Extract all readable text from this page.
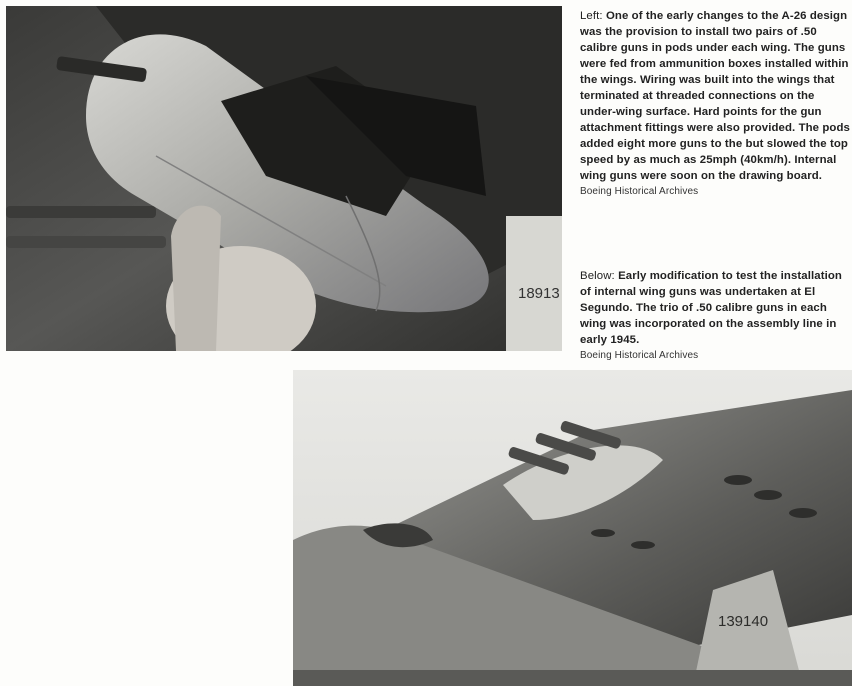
18913
Left: One of the early changes to the A-26 design was the provision to install two pairs of .50 calibre guns in pods under each wing. The guns were fed from ammunition boxes installed within the wings. Wiring was built into the wings that terminated at threaded connections on the under-wing surface. Hard points for the gun attachment fittings were also provided. The pods added eight more guns to the but slowed the top speed by as much as 25mph (40km/h). Internal wing guns were soon on the drawing board.
Boeing Historical Archives
Below: Early modification to test the installation of internal wing guns was undertaken at El Segundo. The trio of .50 calibre guns in each wing was incorporated on the assembly line in early 1945.
Boeing Historical Archives
139140
